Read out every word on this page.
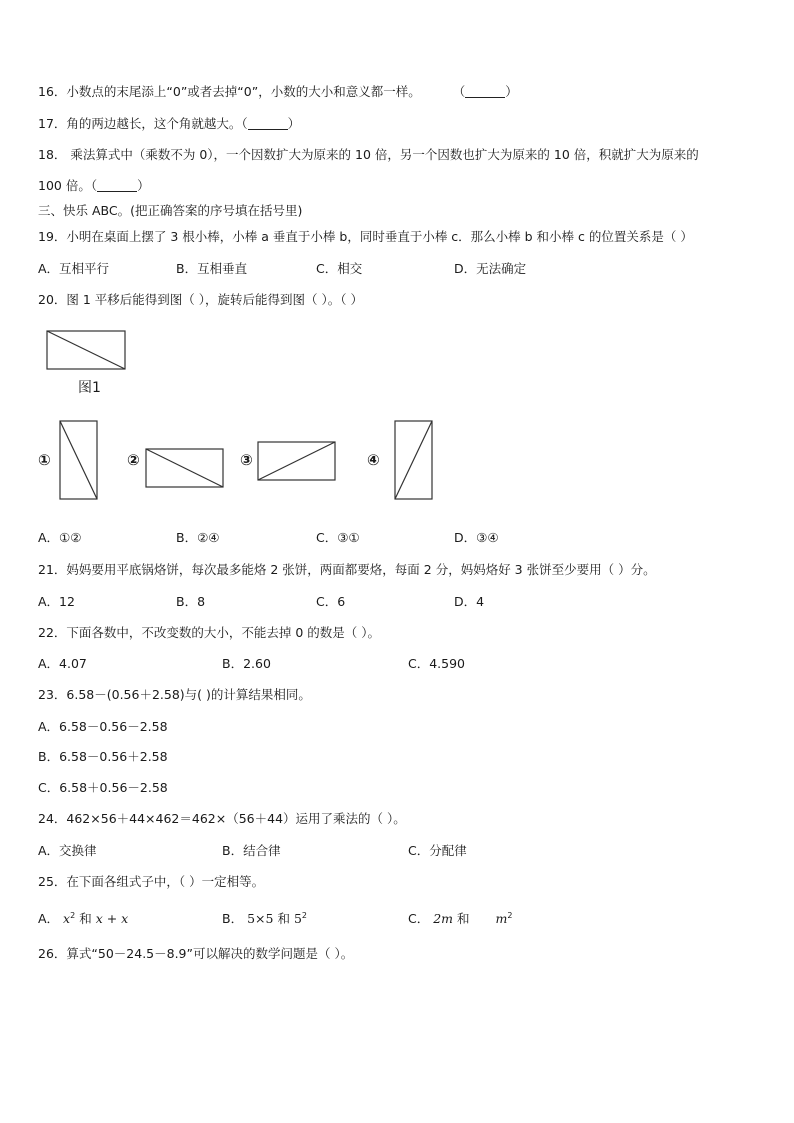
16．小数点的末尾添上“0”或者去掉“0”，小数的大小和意义都一样。	（	）
17．角的两边越长，这个角就越大。（	）
18． 乘法算式中（乘数不为 0），一个因数扩大为原来的 10 倍，另一个因数也扩大为原来的 10 倍，积就扩大为原来的
100 倍。（	）
三、快乐 ABC。(把正确答案的序号填在括号里)
19．小明在桌面上摆了 3 根小棒，小棒 a 垂直于小棒 b，同时垂直于小棒 c．那么小棒 b 和小棒 c 的位置关系是（ ）
A．互相平行	B．互相垂直	C．相交	D．无法确定
20．图 1 平移后能得到图（ ），旋转后能得到图（ ）。（ ）
图1
①	②	③	④
A．①②	B．②④	C．③①	D．③④
21．妈妈要用平底锅烙饼，每次最多能烙 2 张饼，两面都要烙，每面 2 分，妈妈烙好 3 张饼至少要用（ ）分。
A．12	B．8	C．6	D．4
22．下面各数中，不改变数的大小，不能去掉 0 的数是（ ）。
A．4.07	B．2.60	C．4.590
23．6.58－(0.56＋2.58)与( )的计算结果相同。
A．6.58－0.56－2.58
B．6.58－0.56＋2.58
C．6.58＋0.56－2.58
24．462×56＋44×462＝462×（56＋44）运用了乘法的（ ）。
A．交换律	B．结合律	C．分配律
25．在下面各组式子中，（ ）一定相等。
A． $x^2$ 和 x + x	B． 5×5 和 $5^2$	C． 2m 和 $m^2$
26．算式“50－24.5－8.9”可以解决的数学问题是（ ）。
